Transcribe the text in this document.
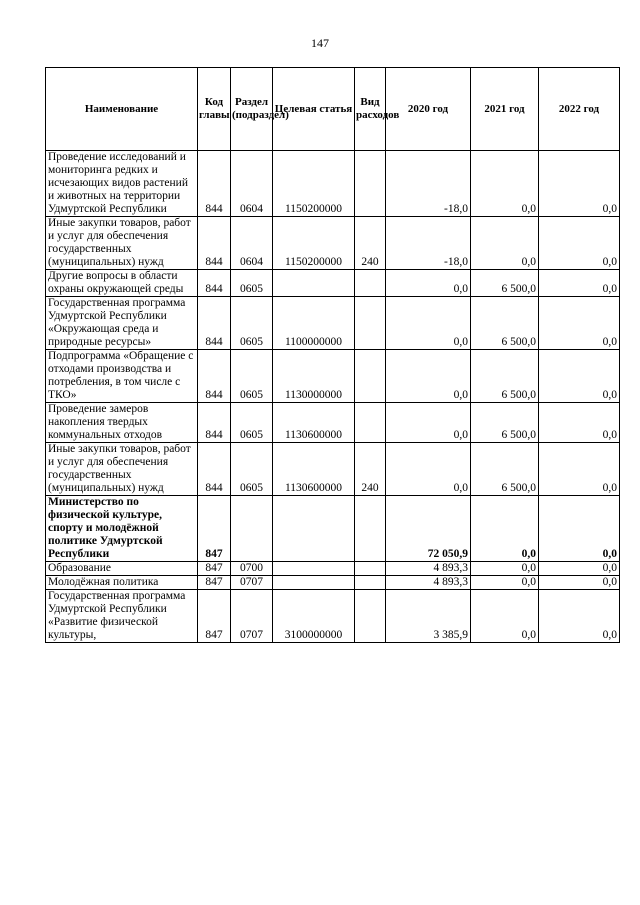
147
Наименование	Код главы	Раздел (подраздел)	Целевая статья	Вид расходов	2020 год	2021 год	2022 год
Проведение исследований и мониторинга редких и исчезающих видов растений и животных на территории Удмуртской Республики	844	0604	1150200000		-18,0	0,0	0,0
Иные закупки товаров, работ и услуг для обеспечения государственных (муниципальных) нужд	844	0604	1150200000	240	-18,0	0,0	0,0
Другие вопросы в области охраны окружающей среды	844	0605			0,0	6 500,0	0,0
Государственная программа Удмуртской Республики «Окружающая среда и природные ресурсы»	844	0605	1100000000		0,0	6 500,0	0,0
Подпрограмма «Обращение с отходами производства и потребления, в том числе с ТКО»	844	0605	1130000000		0,0	6 500,0	0,0
Проведение замеров накопления твердых коммунальных отходов	844	0605	1130600000		0,0	6 500,0	0,0
Иные закупки товаров, работ и услуг для обеспечения государственных (муниципальных) нужд	844	0605	1130600000	240	0,0	6 500,0	0,0
Министерство по физической культуре, спорту и молодёжной политике Удмуртской Республики	847				72 050,9	0,0	0,0
Образование	847	0700			4 893,3	0,0	0,0
Молодёжная политика	847	0707			4 893,3	0,0	0,0
Государственная программа Удмуртской Республики «Развитие физической культуры,	847	0707	3100000000		3 385,9	0,0	0,0
